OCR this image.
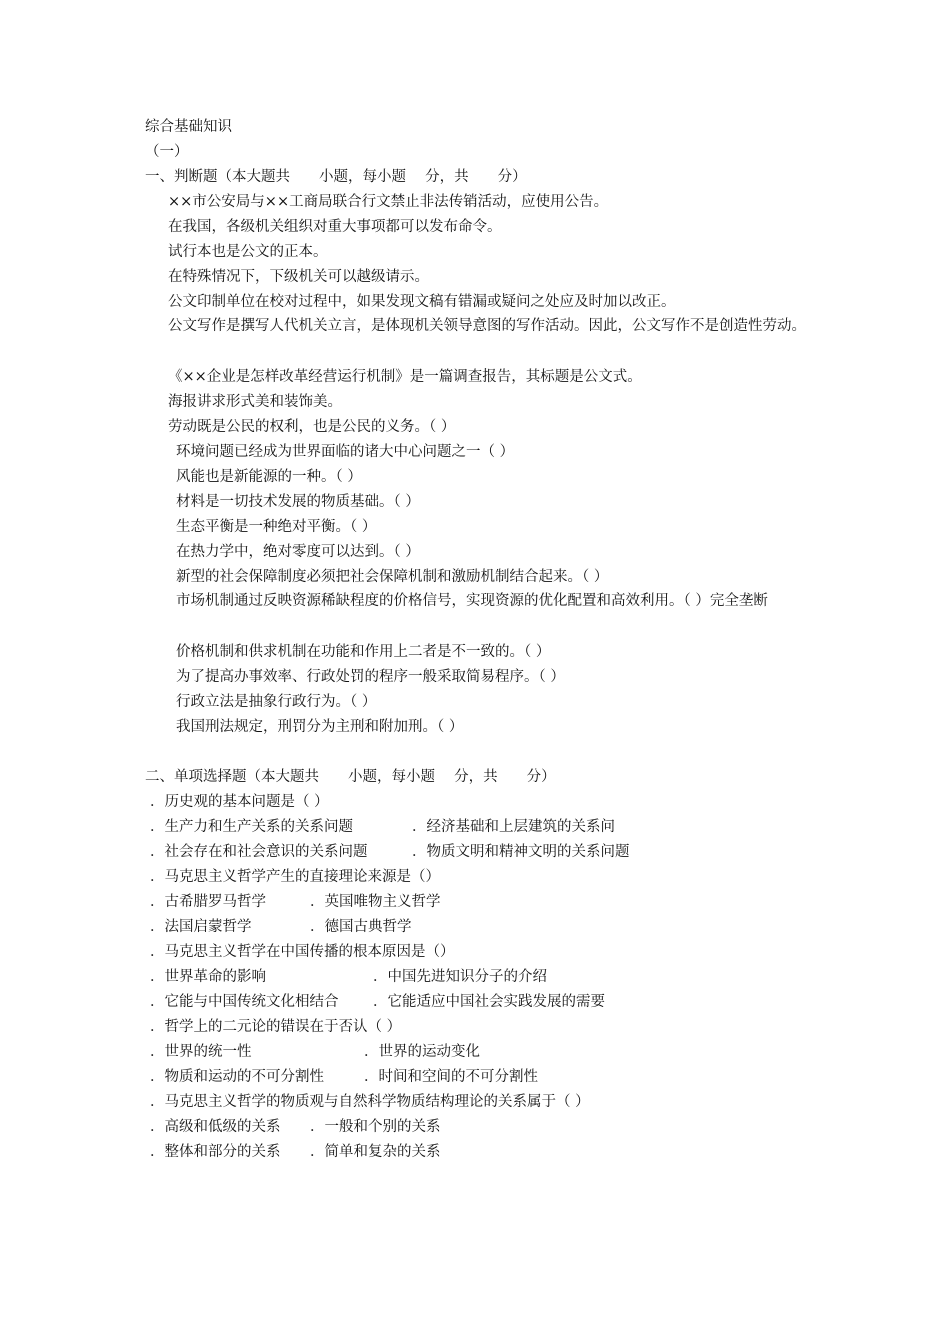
综合基础知识
（一）
一、判断题（本大题共　　小题，每小题　 分，共　　分）
××市公安局与××工商局联合行文禁止非法传销活动，应使用公告。
在我国，各级机关组织对重大事项都可以发布命令。
试行本也是公文的正本。
在特殊情况下，下级机关可以越级请示。
公文印制单位在校对过程中，如果发现文稿有错漏或疑问之处应及时加以改正。
公文写作是撰写人代机关立言，是体现机关领导意图的写作活动。因此，公文写作不是创造性劳动。
《××企业是怎样改革经营运行机制》是一篇调查报告，其标题是公文式。
海报讲求形式美和装饰美。
劳动既是公民的权利，也是公民的义务。（ ）
环境问题已经成为世界面临的诸大中心问题之一（ ）
风能也是新能源的一种。（ ）
材料是一切技术发展的物质基础。（ ）
生态平衡是一种绝对平衡。（ ）
在热力学中，绝对零度可以达到。（ ）
新型的社会保障制度必须把社会保障机制和激励机制结合起来。（ ）
市场机制通过反映资源稀缺程度的价格信号，实现资源的优化配置和高效利用。（ ）完全垄断
价格机制和供求机制在功能和作用上二者是不一致的。（ ）
为了提高办事效率、行政处罚的程序一般采取简易程序。（ ）
行政立法是抽象行政行为。（ ）
我国刑法规定，刑罚分为主刑和附加刑。（ ）
二、单项选择题（本大题共　　小题，每小题　 分，共　　分）
．历史观的基本问题是（ ）
．生产力和生产关系的关系问题	．经济基础和上层建筑的关系问
．社会存在和社会意识的关系问题	．物质文明和精神文明的关系问题
．马克思主义哲学产生的直接理论来源是（）
．古希腊罗马哲学	．英国唯物主义哲学
．法国启蒙哲学	．德国古典哲学
．马克思主义哲学在中国传播的根本原因是（）
．世界革命的影响	．中国先进知识分子的介绍
．它能与中国传统文化相结合 ．它能适应中国社会实践发展的需要
．哲学上的二元论的错误在于否认（ ）
．世界的统一性	．世界的运动变化
．物质和运动的不可分割性	．时间和空间的不可分割性
．马克思主义哲学的物质观与自然科学物质结构理论的关系属于（ ）
．高级和低级的关系 ．一般和个别的关系
．整体和部分的关系 ．简单和复杂的关系
